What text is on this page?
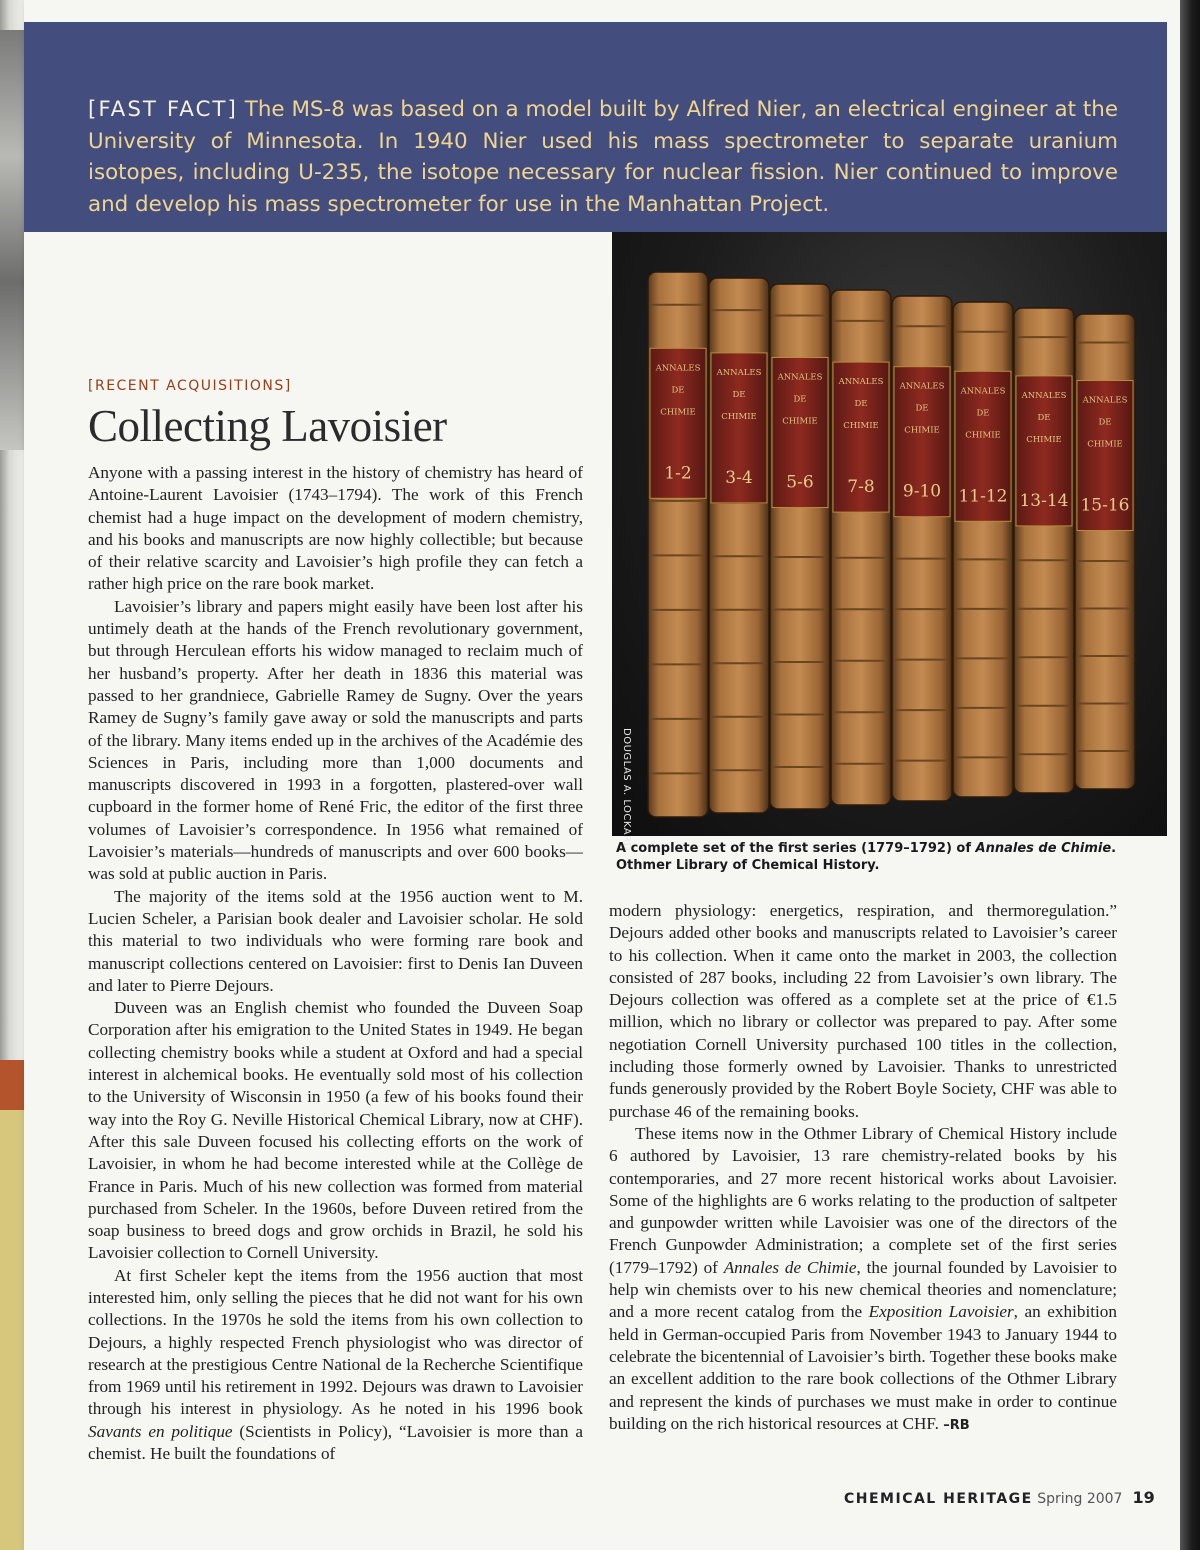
[FAST FACT] The MS-8 was based on a model built by Alfred Nier, an electrical engineer at the University of Minnesota. In 1940 Nier used his mass spectrometer to separate uranium isotopes, including U-235, the isotope necessary for nuclear fission. Nier continued to improve and develop his mass spectrometer for use in the Manhattan Project.

ANNALES
DE
CHIMIE
1-2
ANNALES
DE
CHIMIE
3-4
ANNALES
DE
CHIMIE
5-6
ANNALES
DE
CHIMIE
7-8
ANNALES
DE
CHIMIE
9-10
ANNALES
DE
CHIMIE
11-12
ANNALES
DE
CHIMIE
13-14
ANNALES
DE
CHIMIE
15-16
DOUGLAS A. LOCKARD

A complete set of the first series (1779–1792) of Annales de Chimie. Othmer Library of Chemical History.

[RECENT ACQUISITIONS]

Collecting Lavoisier

Anyone with a passing interest in the history of chemistry has heard of Antoine-Laurent Lavoisier (1743–1794). The work of this French chemist had a huge impact on the development of modern chemistry, and his books and manuscripts are now highly collectible; but because of their relative scarcity and Lavoisier’s high profile they can fetch a rather high price on the rare book market.

Lavoisier’s library and papers might easily have been lost after his untimely death at the hands of the French revolutionary government, but through Herculean efforts his widow managed to reclaim much of her husband’s property. After her death in 1836 this material was passed to her grandniece, Gabrielle Ramey de Sugny. Over the years Ramey de Sugny’s family gave away or sold the manuscripts and parts of the library. Many items ended up in the archives of the Académie des Sciences in Paris, including more than 1,000 documents and manuscripts discovered in 1993 in a forgotten, plastered-over wall cupboard in the former home of René Fric, the editor of the first three volumes of Lavoisier’s correspondence. In 1956 what remained of Lavoisier’s materials—hundreds of manuscripts and over 600 books—was sold at public auction in Paris.

The majority of the items sold at the 1956 auction went to M. Lucien Scheler, a Parisian book dealer and Lavoisier scholar. He sold this material to two individuals who were forming rare book and manuscript collections centered on Lavoisier: first to Denis Ian Duveen and later to Pierre Dejours.

Duveen was an English chemist who founded the Duveen Soap Corporation after his emigration to the United States in 1949. He began collecting chemistry books while a student at Oxford and had a special interest in alchemical books. He eventually sold most of his collection to the University of Wisconsin in 1950 (a few of his books found their way into the Roy G. Neville Historical Chemical Library, now at CHF). After this sale Duveen focused his collecting efforts on the work of Lavoisier, in whom he had become interested while at the Collège de France in Paris. Much of his new collection was formed from material purchased from Scheler. In the 1960s, before Duveen retired from the soap business to breed dogs and grow orchids in Brazil, he sold his Lavoisier collection to Cornell University.

At first Scheler kept the items from the 1956 auction that most interested him, only selling the pieces that he did not want for his own collections. In the 1970s he sold the items from his own collection to Dejours, a highly respected French physiologist who was director of research at the prestigious Centre National de la Recherche Scientifique from 1969 until his retirement in 1992. Dejours was drawn to Lavoisier through his interest in physiology. As he noted in his 1996 book Savants en politique (Scientists in Policy), “Lavoisier is more than a chemist. He built the foundations of

modern physiology: energetics, respiration, and thermoregulation.” Dejours added other books and manuscripts related to Lavoisier’s career to his collection. When it came onto the market in 2003, the collection consisted of 287 books, including 22 from Lavoisier’s own library. The Dejours collection was offered as a complete set at the price of €1.5 million, which no library or collector was prepared to pay. After some negotiation Cornell University purchased 100 titles in the collection, including those formerly owned by Lavoisier. Thanks to unrestricted funds generously provided by the Robert Boyle Society, CHF was able to purchase 46 of the remaining books.

These items now in the Othmer Library of Chemical History include 6 authored by Lavoisier, 13 rare chemistry-related books by his contemporaries, and 27 more recent historical works about Lavoisier. Some of the highlights are 6 works relating to the production of saltpeter and gunpowder written while Lavoisier was one of the directors of the French Gunpowder Administration; a complete set of the first series (1779–1792) of Annales de Chimie, the journal founded by Lavoisier to help win chemists over to his new chemical theories and nomenclature; and a more recent catalog from the Exposition Lavoisier, an exhibition held in German-occupied Paris from November 1943 to January 1944 to celebrate the bicentennial of Lavoisier’s birth. Together these books make an excellent addition to the rare book collections of the Othmer Library and represent the kinds of purchases we must make in order to continue building on the rich historical resources at CHF. –RB

CHEMICAL HERITAGE Spring 2007 19
